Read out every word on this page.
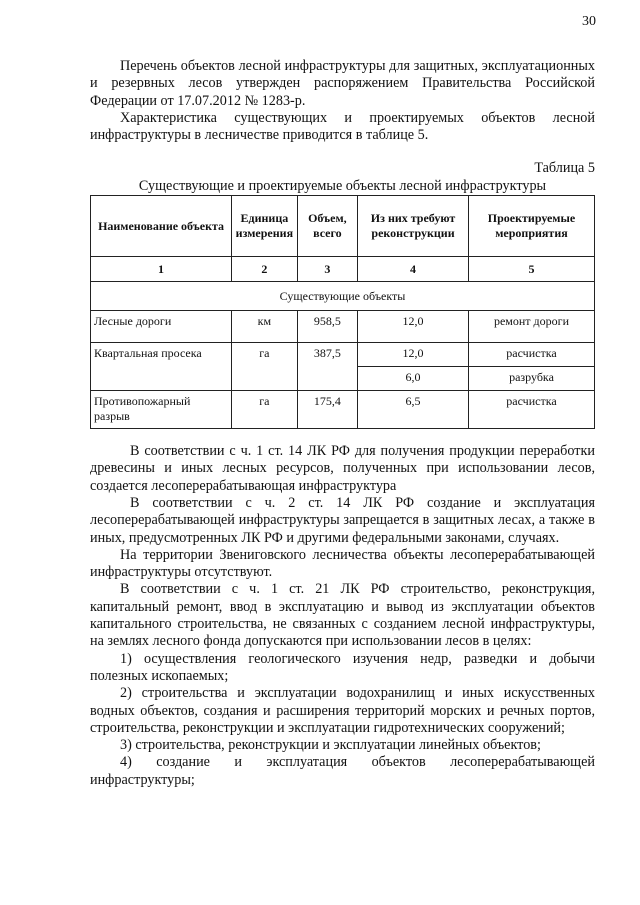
30

Перечень объектов лесной инфраструктуры для защитных, эксплуатационных и резервных лесов утвержден распоряжением Правительства Российской Федерации от 17.07.2012 № 1283-р.

Характеристика существующих и проектируемых объектов лесной инфраструктуры в лесничестве приводится в таблице 5.

Таблица 5
Существующие и проектируемые объекты лесной инфраструктуры
Наименование объекта	Единица измерения	Объем, всего	Из них требуют реконструкции	Проектируемые мероприятия
1	2	3	4	5
Существующие объекты				
Лесные дороги	км	958,5	12,0	ремонт дороги
Квартальная просека	га	387,5	12,0	расчистка
			6,0	разрубка
Противопожарный разрыв	га	175,4	6,5	расчистка

В соответствии с ч. 1 ст. 14 ЛК РФ для получения продукции переработки древесины и иных лесных ресурсов, полученных при использовании лесов, создается лесоперерабатывающая инфраструктура

В соответствии с ч. 2 ст. 14 ЛК РФ создание и эксплуатация лесоперерабатывающей инфраструктуры запрещается в защитных лесах, а также в иных, предусмотренных ЛК РФ и другими федеральными законами, случаях.

На территории Звениговского лесничества объекты лесоперерабатывающей инфраструктуры отсутствуют.

В соответствии с ч. 1 ст. 21 ЛК РФ строительство, реконструкция, капитальный ремонт, ввод в эксплуатацию и вывод из эксплуатации объектов капитального строительства, не связанных с созданием лесной инфраструктуры, на землях лесного фонда допускаются при использовании лесов в целях:

1) осуществления геологического изучения недр, разведки и добычи полезных ископаемых;

2) строительства и эксплуатации водохранилищ и иных искусственных водных объектов, создания и расширения территорий морских и речных портов, строительства, реконструкции и эксплуатации гидротехнических сооружений;

3) строительства, реконструкции и эксплуатации линейных объектов;

4) создание и эксплуатация объектов лесоперерабатывающей инфраструктуры;
